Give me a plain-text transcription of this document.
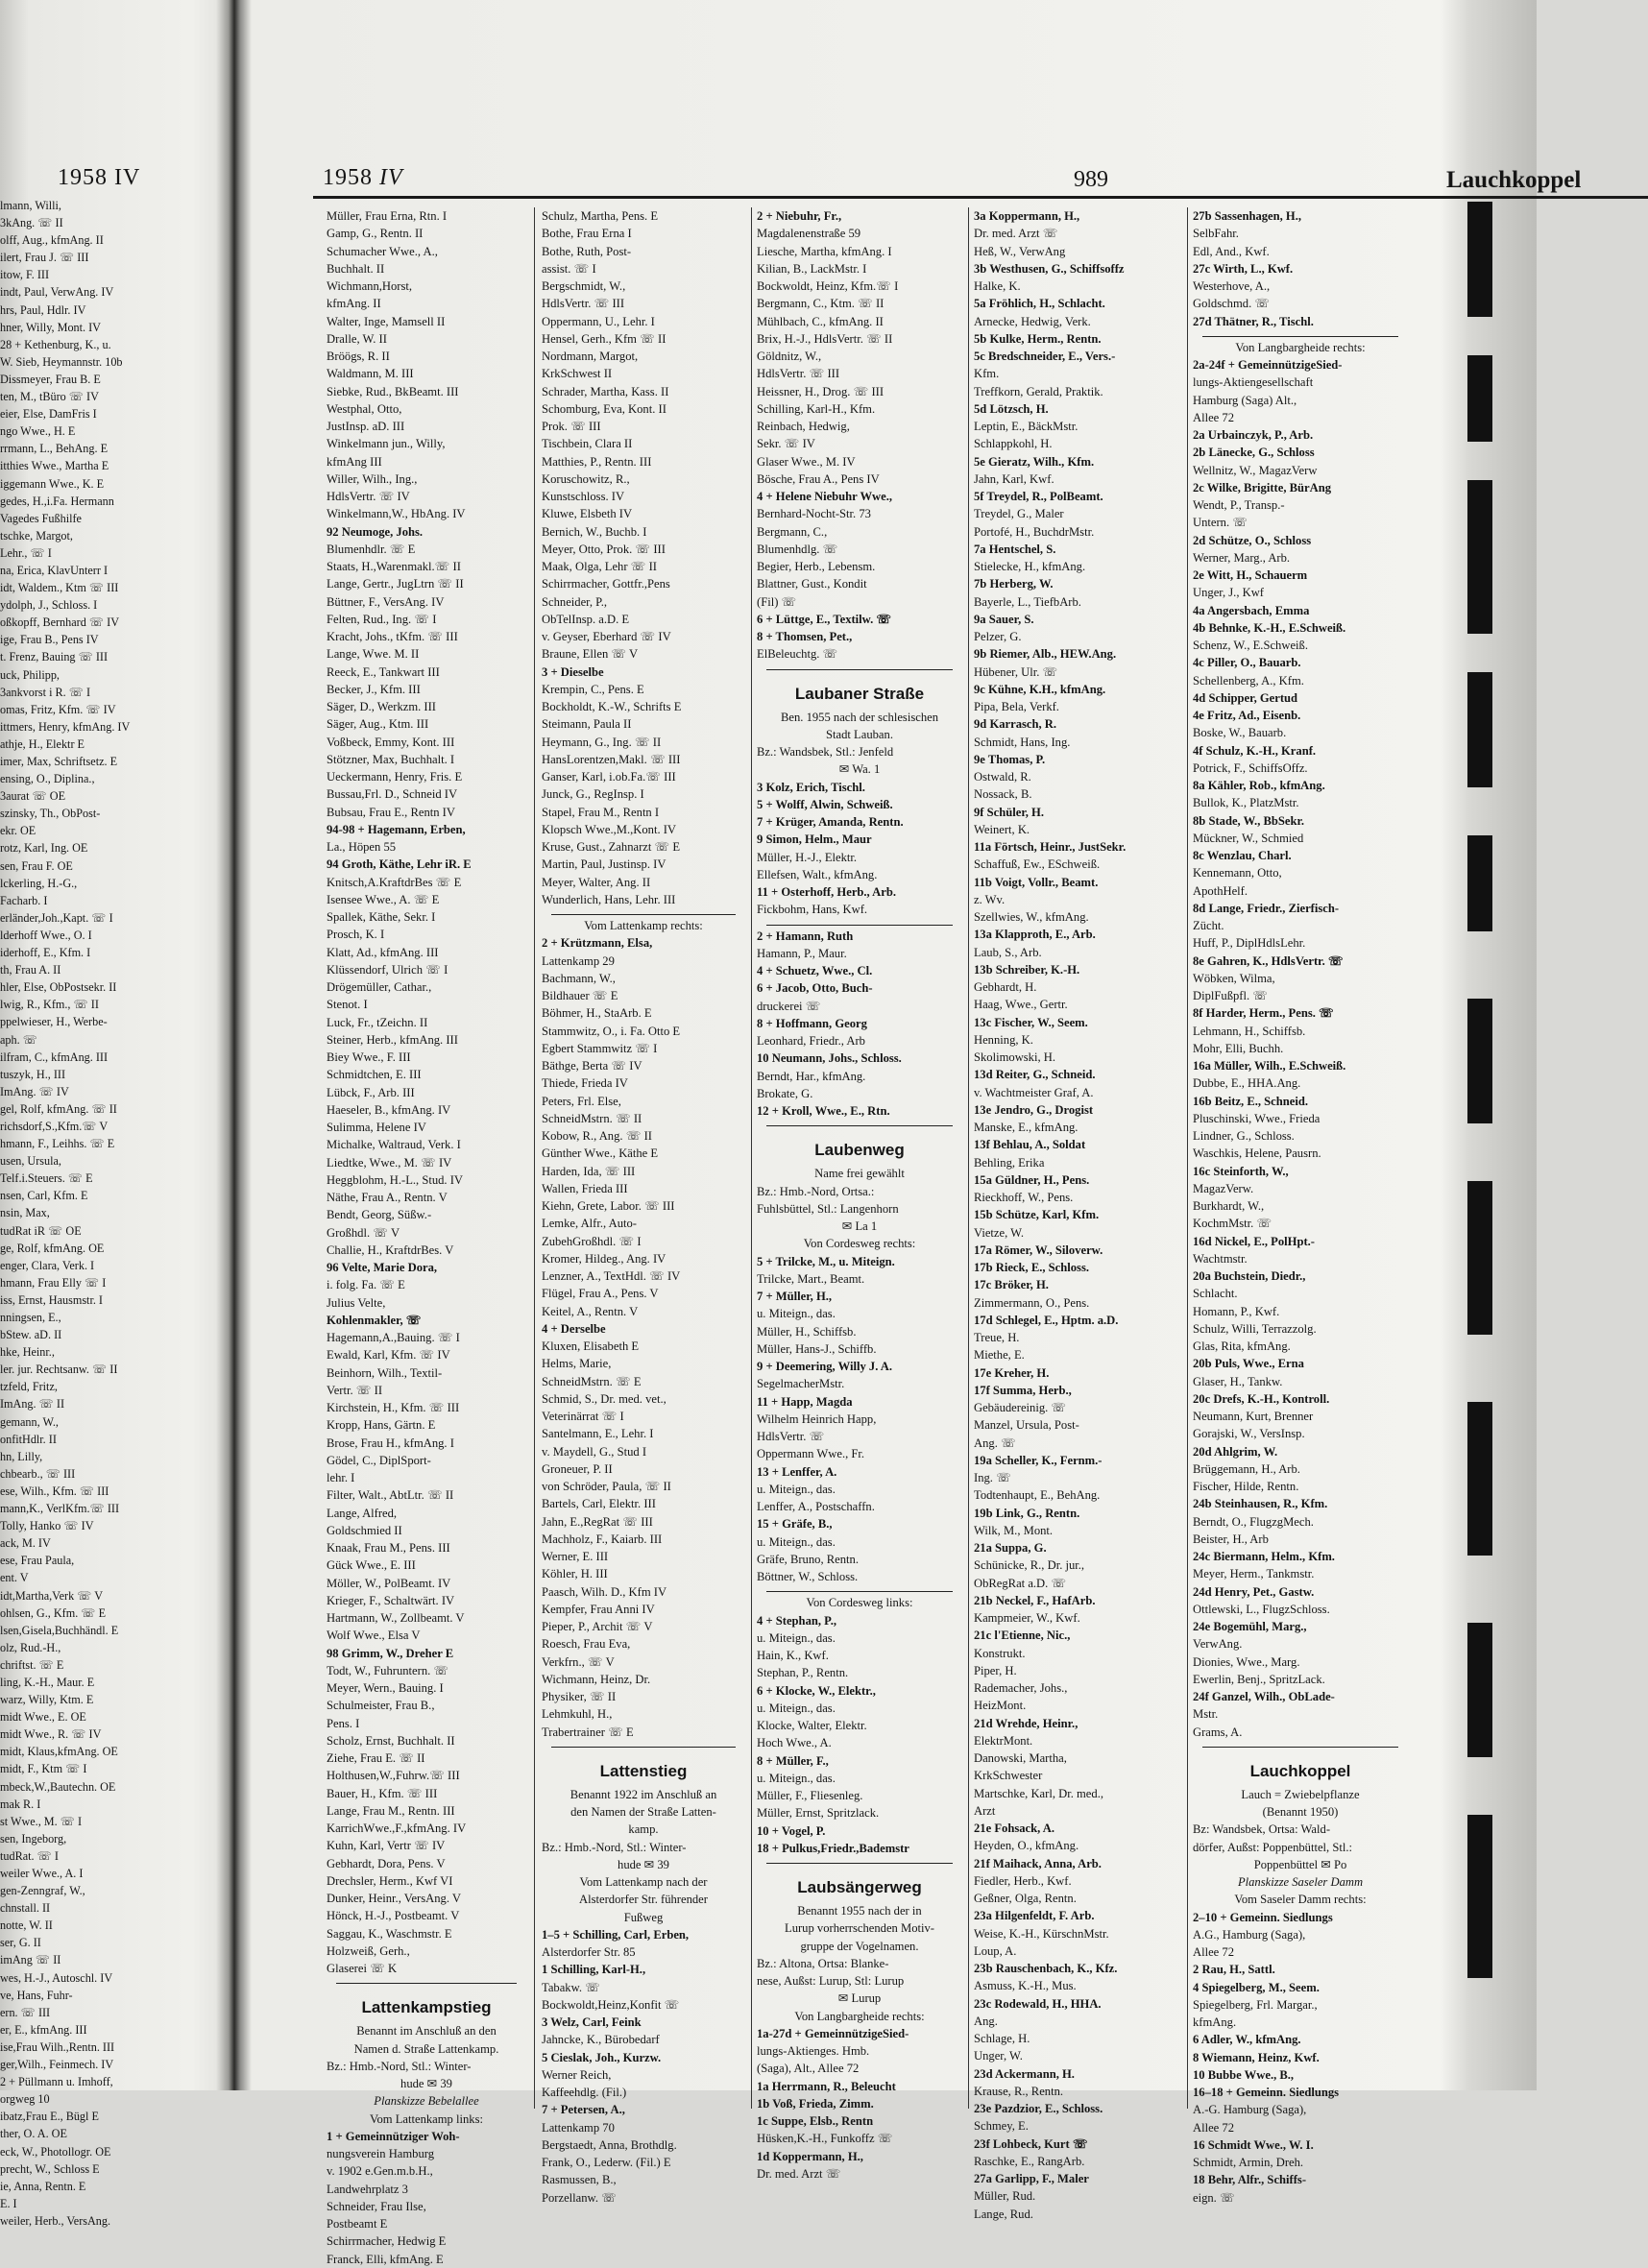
1958 IV
lmann, Willi,
3kAng. ☏ II
olff, Aug., kfmAng. II
ilert, Frau J. ☏ III
itow, F. III
indt, Paul, VerwAng. IV
hrs, Paul, Hdlr. IV
hner, Willy, Mont. IV
28 + Kethenburg, K., u.
W. Sieb, Heymannstr. 10b
Dissmeyer, Frau B. E
ten, M., tBüro ☏ IV
eier, Else, DamFris I
ngo Wwe., H. E
rrmann, L., BehAng. E
itthies Wwe., Martha E
iggemann Wwe., K. E
gedes, H.,i.Fa. Hermann
Vagedes Fußhilfe
tschke, Margot,
Lehr., ☏ I
na, Erica, KlavUnterr I
idt, Waldem., Ktm ☏ III
ydolph, J., Schloss. I
oßkopff, Bernhard ☏ IV
ige, Frau B., Pens IV
t. Frenz, Bauing ☏ III
uck, Philipp,
3ankvorst i R. ☏ I
omas, Fritz, Kfm. ☏ IV
ittmers, Henry, kfmAng. IV
athje, H., Elektr E
imer, Max, Schriftsetz. E
ensing, O., Diplina.,
3aurat ☏ OE
szinsky, Th., ObPost-
ekr. OE
rotz, Karl, Ing. OE
sen, Frau F. OE
lckerling, H.-G.,
Facharb. I
erländer,Joh.,Kapt. ☏ I
lderhoff Wwe., O. I
iderhoff, E., Kfm. I
th, Frau A. II
hler, Else, ObPostsekr. II
lwig, R., Kfm., ☏ II
ppelwieser, H., Werbe-
aph. ☏
ilfram, C., kfmAng. III
tuszyk, H., III
ImAng. ☏ IV
gel, Rolf, kfmAng. ☏ II
richsdorf,S.,Kfm.☏ V
hmann, F., Leihhs. ☏ E
usen, Ursula,
Telf.i.Steuers. ☏ E
nsen, Carl, Kfm. E
nsin, Max,
tudRat iR ☏ OE
ge, Rolf, kfmAng. OE
enger, Clara, Verk. I
hmann, Frau Elly ☏ I
iss, Ernst, Hausmstr. I
nningsen, E.,
bStew. aD. II
hke, Heinr.,
ler. jur. Rechtsanw. ☏ II
tzfeld, Fritz,
ImAng. ☏ II
gemann, W.,
onfitHdlr. II
hn, Lilly,
chbearb., ☏ III
ese, Wilh., Kfm. ☏ III
mann,K., VerlKfm.☏ III
Tolly, Hanko ☏ IV
ack, M. IV
ese, Frau Paula,
ent. V
idt,Martha,Verk ☏ V
ohlsen, G., Kfm. ☏ E
lsen,Gisela,Buchhändl. E
olz, Rud.-H.,
chriftst. ☏ E
ling, K.-H., Maur. E
warz, Willy, Ktm. E
midt Wwe., E. OE
midt Wwe., R. ☏ IV
midt, Klaus,kfmAng. OE
midt, F., Ktm ☏ I
mbeck,W.,Bautechn. OE
mak R. I
st Wwe., M. ☏ I
sen, Ingeborg,
tudRat. ☏ I
weiler Wwe., A. I
gen-Zenngraf, W.,
chnstall. II
notte, W. II
ser, G. II
imAng ☏ II
wes, H.-J., Autoschl. IV
ve, Hans, Fuhr-
ern. ☏ III
er, E., kfmAng. III
ise,Frau Wilh.,Rentn. III
ger,Wilh., Feinmech. IV
2 + Püllmann u. Imhoff,
orgweg 10
ibatz,Frau E., Bügl E
ther, O. A. OE
eck, W., Photollogr. OE
precht, W., Schloss E
ie, Anna, Rentn. E
E. I
weiler, Herb., VersAng.
1958 IV	989	Lauchkoppel
Müller, Frau Erna, Rtn. I
Gamp, G., Rentn. II
Schumacher Wwe., A.,
Buchhalt. II
Wichmann,Horst,
kfmAng. II
Walter, Inge, Mamsell II
Dralle, W. II
Bröögs, R. II
Waldmann, M. III
Siebke, Rud., BkBeamt. III
Westphal, Otto,
JustInsp. aD. III
Winkelmann jun., Willy,
kfmAng III
Willer, Wilh., Ing.,
HdlsVertr. ☏ IV
Winkelmann,W., HbAng. IV
92 Neumoge, Johs.
Blumenhdlr. ☏ E
Staats, H.,Warenmakl.☏ II
Lange, Gertr., JugLtrn ☏ II
Büttner, F., VersAng. IV
Felten, Rud., Ing. ☏ I
Kracht, Johs., tKfm. ☏ III
Lange, Wwe. M. II
Reeck, E., Tankwart III
Becker, J., Kfm. III
Säger, D., Werkzm. III
Säger, Aug., Ktm. III
Voßbeck, Emmy, Kont. III
Stötzner, Max, Buchhalt. I
Ueckermann, Henry, Fris. E
Bussau,Frl. D., Schneid IV
Bubsau, Frau E., Rentn IV
94-98 + Hagemann, Erben,
La., Höpen 55
94 Groth, Käthe, Lehr iR. E
Knitsch,A.KraftdrBes ☏ E
Isensee Wwe., A. ☏ E
Spallek, Käthe, Sekr. I
Prosch, K. I
Klatt, Ad., kfmAng. III
Klüssendorf, Ulrich ☏ I
Drögemüller, Cathar.,
Stenot. I
Luck, Fr., tZeichn. II
Steiner, Herb., kfmAng. III
Biey Wwe., F. III
Schmidtchen, E. III
Lübck, F., Arb. III
Haeseler, B., kfmAng. IV
Sulimma, Helene IV
Michalke, Waltraud, Verk. I
Liedtke, Wwe., M. ☏ IV
Heggblohm, H.-L., Stud. IV
Näthe, Frau A., Rentn. V
Bendt, Georg, Süßw.-
Großhdl. ☏ V
Challie, H., KraftdrBes. V
96 Velte, Marie Dora,
i. folg. Fa. ☏ E
Julius Velte,
Kohlenmakler, ☏
Hagemann,A.,Bauing. ☏ I
Ewald, Karl, Kfm. ☏ IV
Beinhorn, Wilh., Textil-
Vertr. ☏ II
Kirchstein, H., Kfm. ☏ III
Kropp, Hans, Gärtn. E
Brose, Frau H., kfmAng. I
Gödel, C., DiplSport-
lehr. I
Filter, Walt., AbtLtr. ☏ II
Lange, Alfred,
Goldschmied II
Knaak, Frau M., Pens. III
Gück Wwe., E. III
Möller, W., PolBeamt. IV
Krieger, F., Schaltwärt. IV
Hartmann, W., Zollbeamt. V
Wolf Wwe., Elsa V
98 Grimm, W., Dreher E
Todt, W., Fuhruntern. ☏
Meyer, Wern., Bauing. I
Schulmeister, Frau B.,
Pens. I
Scholz, Ernst, Buchhalt. II
Ziehe, Frau E. ☏ II
Holthusen,W.,Fuhrw.☏ III
Bauer, H., Kfm. ☏ III
Lange, Frau M., Rentn. III
KarrichWwe.,F.,kfmAng. IV
Kuhn, Karl, Vertr ☏ IV
Gebhardt, Dora, Pens. V
Drechsler, Herm., Kwf VI
Dunker, Heinr., VersAng. V
Hönck, H.-J., Postbeamt. V
Saggau, K., Waschmstr. E
Holzweiß, Gerh.,
Glaserei ☏ K
Lattenkampstieg
Benannt im Anschluß an den
Namen d. Straße Lattenkamp.
Bz.: Hmb.-Nord, Stl.: Winter-
hude ✉ 39
Planskizze Bebelallee
Vom Lattenkamp links:
1 + Gemeinnütziger Woh-
nungsverein Hamburg
v. 1902 e.Gen.m.b.H.,
Landwehrplatz 3
Schneider, Frau Ilse,
Postbeamt E
Schirrmacher, Hedwig E
Franck, Elli, kfmAng. E
Schulz, Martha, Pens. E
Bothe, Frau Erna I
Bothe, Ruth, Post-
assist. ☏ I
Bergschmidt, W.,
HdlsVertr. ☏ III
Oppermann, U., Lehr. I
Hensel, Gerh., Kfm ☏ II
Nordmann, Margot,
KrkSchwest II
Schrader, Martha, Kass. II
Schomburg, Eva, Kont. II
Prok. ☏ III
Tischbein, Clara II
Matthies, P., Rentn. III
Koruschowitz, R.,
Kunstschloss. IV
Kluwe, Elsbeth IV
Bernich, W., Buchb. I
Meyer, Otto, Prok. ☏ III
Maak, Olga, Lehr ☏ II
Schirrmacher, Gottfr.,Pens
Schneider, P.,
ObTelInsp. a.D. E
v. Geyser, Eberhard ☏ IV
Braune, Ellen ☏ V
3 + Dieselbe
Krempin, C., Pens. E
Bockholdt, K.-W., Schrifts E
Steimann, Paula II
Heymann, G., Ing. ☏ II
HansLorentzen,Makl. ☏ III
Ganser, Karl, i.ob.Fa.☏ III
Junck, G., RegInsp. I
Stapel, Frau M., Rentn I
Klopsch Wwe.,M.,Kont. IV
Kruse, Gust., Zahnarzt ☏ E
Martin, Paul, Justinsp. IV
Meyer, Walter, Ang. II
Wunderlich, Hans, Lehr. III
Vom Lattenkamp rechts:
2 + Krützmann, Elsa,
Lattenkamp 29
Bachmann, W.,
Bildhauer ☏ E
Böhmer, H., StaArb. E
Stammwitz, O., i. Fa. Otto E
Egbert Stammwitz ☏ I
Bäthge, Berta ☏ IV
Thiede, Frieda IV
Peters, Frl. Else,
SchneidMstrn. ☏ II
Kobow, R., Ang. ☏ II
Günther Wwe., Käthe E
Harden, Ida, ☏ III
Wallen, Frieda III
Kiehn, Grete, Labor. ☏ III
Lemke, Alfr., Auto-
ZubehGroßhdl. ☏ I
Kromer, Hildeg., Ang. IV
Lenzner, A., TextHdl. ☏ IV
Flügel, Frau A., Pens. V
Keitel, A., Rentn. V
4 + Derselbe
Kluxen, Elisabeth E
Helms, Marie,
SchneidMstrn. ☏ E
Schmid, S., Dr. med. vet.,
Veterinärrat ☏ I
Santelmann, E., Lehr. I
v. Maydell, G., Stud I
Groneuer, P. II
von Schröder, Paula, ☏ II
Bartels, Carl, Elektr. III
Jahn, E.,RegRat ☏ III
Machholz, F., Kaiarb. III
Werner, E. III
Köhler, H. III
Paasch, Wilh. D., Kfm IV
Kempfer, Frau Anni IV
Pieper, P., Archit ☏ V
Roesch, Frau Eva,
Verkfrn., ☏ V
Wichmann, Heinz, Dr.
Physiker, ☏ II
Lehmkuhl, H.,
Trabertrainer ☏ E
Lattenstieg
Benannt 1922 im Anschluß an
den Namen der Straße Latten-
kamp.
Bz.: Hmb.-Nord, Stl.: Winter-
hude ✉ 39
Vom Lattenkamp nach der
Alsterdorfer Str. führender
Fußweg
1–5 + Schilling, Carl, Erben,
Alsterdorfer Str. 85
1 Schilling, Karl-H.,
Tabakw. ☏
Bockwoldt,Heinz,Konfit ☏
3 Welz, Carl, Feink
Jahncke, K., Bürobedarf
5 Cieslak, Joh., Kurzw.
Werner Reich,
Kaffeehdlg. (Fil.)
7 + Petersen, A.,
Lattenkamp 70
Bergstaedt, Anna, Brothdlg.
Frank, O., Lederw. (Fil.) E
Rasmussen, B.,
Porzellanw. ☏
2 + Niebuhr, Fr.,
Magdalenenstraße 59
Liesche, Martha, kfmAng. I
Kilian, B., LackMstr. I
Bockwoldt, Heinz, Kfm.☏ I
Bergmann, C., Ktm. ☏ II
Mühlbach, C., kfmAng. II
Brix, H.-J., HdlsVertr. ☏ II
Göldnitz, W.,
HdlsVertr. ☏ III
Heissner, H., Drog. ☏ III
Schilling, Karl-H., Kfm.
Reinbach, Hedwig,
Sekr. ☏ IV
Glaser Wwe., M. IV
Bösche, Frau A., Pens IV
4 + Helene Niebuhr Wwe.,
Bernhard-Nocht-Str. 73
Bergmann, C.,
Blumenhdlg. ☏
Begier, Herb., Lebensm.
Blattner, Gust., Kondit
(Fil) ☏
6 + Lüttge, E., Textilw. ☏
8 + Thomsen, Pet.,
ElBeleuchtg. ☏
Laubaner Straße
Ben. 1955 nach der schlesischen
Stadt Lauban.
Bz.: Wandsbek, Stl.: Jenfeld
✉ Wa. 1
3 Kolz, Erich, Tischl.
5 + Wolff, Alwin, Schweiß.
7 + Krüger, Amanda, Rentn.
9 Simon, Helm., Maur
Müller, H.-J., Elektr.
Ellefsen, Walt., kfmAng.
11 + Osterhoff, Herb., Arb.
Fickbohm, Hans, Kwf.
2 + Hamann, Ruth
Hamann, P., Maur.
4 + Schuetz, Wwe., Cl.
6 + Jacob, Otto, Buch-
druckerei ☏
8 + Hoffmann, Georg
Leonhard, Friedr., Arb
10 Neumann, Johs., Schloss.
Berndt, Har., kfmAng.
Brokate, G.
12 + Kroll, Wwe., E., Rtn.
Laubenweg
Name frei gewählt
Bz.: Hmb.-Nord, Ortsa.:
Fuhlsbüttel, Stl.: Langenhorn
✉ La 1
Von Cordesweg rechts:
5 + Trilcke, M., u. Miteign.
Trilcke, Mart., Beamt.
7 + Müller, H.,
u. Miteign., das.
Müller, H., Schiffsb.
Müller, Hans-J., Schiffb.
9 + Deemering, Willy J. A.
SegelmacherMstr.
11 + Happ, Magda
Wilhelm Heinrich Happ,
HdlsVertr. ☏
Oppermann Wwe., Fr.
13 + Lenffer, A.
u. Miteign., das.
Lenffer, A., Postschaffn.
15 + Gräfe, B.,
u. Miteign., das.
Gräfe, Bruno, Rentn.
Böttner, W., Schloss.
Von Cordesweg links:
4 + Stephan, P.,
u. Miteign., das.
Hain, K., Kwf.
Stephan, P., Rentn.
6 + Klocke, W., Elektr.,
u. Miteign., das.
Klocke, Walter, Elektr.
Hoch Wwe., A.
8 + Müller, F.,
u. Miteign., das.
Müller, F., Fliesenleg.
Müller, Ernst, Spritzlack.
10 + Vogel, P.
18 + Pulkus,Friedr.,Bademstr
Laubsängerweg
Benannt 1955 nach der in
Lurup vorherrschenden Motiv-
gruppe der Vogelnamen.
Bz.: Altona, Ortsa: Blanke-
nese, Außst: Lurup, Stl: Lurup
✉ Lurup
Von Langbargheide rechts:
1a-27d + GemeinnützigeSied-
lungs-Aktienges. Hmb.
(Saga), Alt., Allee 72
1a Herrmann, R., Beleucht
1b Voß, Frieda, Zimm.
1c Suppe, Elsb., Rentn
Hüsken,K.-H., Funkoffz ☏
1d Koppermann, H.,
Dr. med. Arzt ☏
3a Koppermann, H.,
Dr. med. Arzt ☏
Heß, W., VerwAng
3b Westhusen, G., Schiffsoffz
Halke, K.
5a Fröhlich, H., Schlacht.
Arnecke, Hedwig, Verk.
5b Kulke, Herm., Rentn.
5c Bredschneider, E., Vers.-
Kfm.
Treffkorn, Gerald, Praktik.
5d Lötzsch, H.
Leptin, E., BäckMstr.
Schlappkohl, H.
5e Gieratz, Wilh., Kfm.
Jahn, Karl, Kwf.
5f Treydel, R., PolBeamt.
Treydel, G., Maler
Portofé, H., BuchdrMstr.
7a Hentschel, S.
Stielecke, H., kfmAng.
7b Herberg, W.
Bayerle, L., TiefbArb.
9a Sauer, S.
Pelzer, G.
9b Riemer, Alb., HEW.Ang.
Hübener, Ulr. ☏
9c Kühne, K.H., kfmAng.
Pipa, Bela, Verkf.
9d Karrasch, R.
Schmidt, Hans, Ing.
9e Thomas, P.
Ostwald, R.
Nossack, B.
9f Schüler, H.
Weinert, K.
11a Förtsch, Heinr., JustSekr.
Schaffuß, Ew., ESchweiß.
11b Voigt, Vollr., Beamt.
z. Wv.
Szellwies, W., kfmAng.
13a Klapproth, E., Arb.
Laub, S., Arb.
13b Schreiber, K.-H.
Gebhardt, H.
Haag, Wwe., Gertr.
13c Fischer, W., Seem.
Henning, K.
Skolimowski, H.
13d Reiter, G., Schneid.
v. Wachtmeister Graf, A.
13e Jendro, G., Drogist
Manske, E., kfmAng.
13f Behlau, A., Soldat
Behling, Erika
15a Güldner, H., Pens.
Rieckhoff, W., Pens.
15b Schütze, Karl, Kfm.
Vietze, W.
17a Römer, W., Siloverw.
17b Rieck, E., Schloss.
17c Bröker, H.
Zimmermann, O., Pens.
17d Schlegel, E., Hptm. a.D.
Treue, H.
Miethe, E.
17e Kreher, H.
17f Summa, Herb.,
Gebäudereinig. ☏
Manzel, Ursula, Post-
Ang. ☏
19a Scheller, K., Fernm.-
Ing. ☏
Todtenhaupt, E., BehAng.
19b Link, G., Rentn.
Wilk, M., Mont.
21a Suppa, G.
Schünicke, R., Dr. jur.,
ObRegRat a.D. ☏
21b Neckel, F., HafArb.
Kampmeier, W., Kwf.
21c l'Etienne, Nic.,
Konstrukt.
Piper, H.
Rademacher, Johs.,
HeizMont.
21d Wrehde, Heinr.,
ElektrMont.
Danowski, Martha,
KrkSchwester
Martschke, Karl, Dr. med.,
Arzt
21e Fohsack, A.
Heyden, O., kfmAng.
21f Maihack, Anna, Arb.
Fiedler, Herb., Kwf.
Geßner, Olga, Rentn.
23a Hilgenfeldt, F. Arb.
Weise, K.-H., KürschnMstr.
Loup, A.
23b Rauschenbach, K., Kfz.
Asmuss, K.-H., Mus.
23c Rodewald, H., HHA.
Ang.
Schlage, H.
Unger, W.
23d Ackermann, H.
Krause, R., Rentn.
23e Pazdzior, E., Schloss.
Schmey, E.
23f Lohbeck, Kurt ☏
Raschke, E., RangArb.
27a Garlipp, F., Maler
Müller, Rud.
Lange, Rud.
27b Sassenhagen, H.,
SelbFahr.
Edl, And., Kwf.
27c Wirth, L., Kwf.
Westerhove, A.,
Goldschmd. ☏
27d Thätner, R., Tischl.
Von Langbargheide rechts:
2a-24f + GemeinnützigeSied-
lungs-Aktiengesellschaft
Hamburg (Saga) Alt.,
Allee 72
2a Urbainczyk, P., Arb.
2b Länecke, G., Schloss
Wellnitz, W., MagazVerw
2c Wilke, Brigitte, BürAng
Wendt, P., Transp.-
Untern. ☏
2d Schütze, O., Schloss
Werner, Marg., Arb.
2e Witt, H., Schauerm
Unger, J., Kwf
4a Angersbach, Emma
4b Behnke, K.-H., E.Schweiß.
Schenz, W., E.Schweiß.
4c Piller, O., Bauarb.
Schellenberg, A., Kfm.
4d Schipper, Gertud
4e Fritz, Ad., Eisenb.
Boske, W., Bauarb.
4f Schulz, K.-H., Kranf.
Potrick, F., SchiffsOffz.
8a Kähler, Rob., kfmAng.
Bullok, K., PlatzMstr.
8b Stade, W., BbSekr.
Mückner, W., Schmied
8c Wenzlau, Charl.
Kennemann, Otto,
ApothHelf.
8d Lange, Friedr., Zierfisch-
Zücht.
Huff, P., DiplHdlsLehr.
8e Gahren, K., HdlsVertr. ☏
Wöbken, Wilma,
DiplFußpfl. ☏
8f Harder, Herm., Pens. ☏
Lehmann, H., Schiffsb.
Mohr, Elli, Buchh.
16a Müller, Wilh., E.Schweiß.
Dubbe, E., HHA.Ang.
16b Beitz, E., Schneid.
Pluschinski, Wwe., Frieda
Lindner, G., Schloss.
Waschkis, Helene, Pausrn.
16c Steinforth, W.,
MagazVerw.
Burkhardt, W.,
KochmMstr. ☏
16d Nickel, E., PolHpt.-
Wachtmstr.
20a Buchstein, Diedr.,
Schlacht.
Homann, P., Kwf.
Schulz, Willi, Terrazzolg.
Glas, Rita, kfmAng.
20b Puls, Wwe., Erna
Glaser, H., Tankw.
20c Drefs, K.-H., Kontroll.
Neumann, Kurt, Brenner
Gorajski, W., VersInsp.
20d Ahlgrim, W.
Brüggemann, H., Arb.
Fischer, Hilde, Rentn.
24b Steinhausen, R., Kfm.
Berndt, O., FlugzgMech.
Beister, H., Arb
24c Biermann, Helm., Kfm.
Meyer, Herm., Tankmstr.
24d Henry, Pet., Gastw.
Ottlewski, L., FlugzSchloss.
24e Bogemühl, Marg.,
VerwAng.
Dionies, Wwe., Marg.
Ewerlin, Benj., SpritzLack.
24f Ganzel, Wilh., ObLade-
Mstr.
Grams, A.
Lauchkoppel
Lauch = Zwiebelpflanze
(Benannt 1950)
Bz: Wandsbek, Ortsa: Wald-
dörfer, Außst: Poppenbüttel, Stl.:
Poppenbüttel ✉ Po
Planskizze Saseler Damm
Vom Saseler Damm rechts:
2–10 + Gemeinn. Siedlungs
A.G., Hamburg (Saga),
Allee 72
2 Rau, H., Sattl.
4 Spiegelberg, M., Seem.
Spiegelberg, Frl. Margar.,
kfmAng.
6 Adler, W., kfmAng.
8 Wiemann, Heinz, Kwf.
10 Bubbe Wwe., B.,
16–18 + Gemeinn. Siedlungs
A.-G. Hamburg (Saga),
Allee 72
16 Schmidt Wwe., W. I.
Schmidt, Armin, Dreh.
18 Behr, Alfr., Schiffs-
eign. ☏
